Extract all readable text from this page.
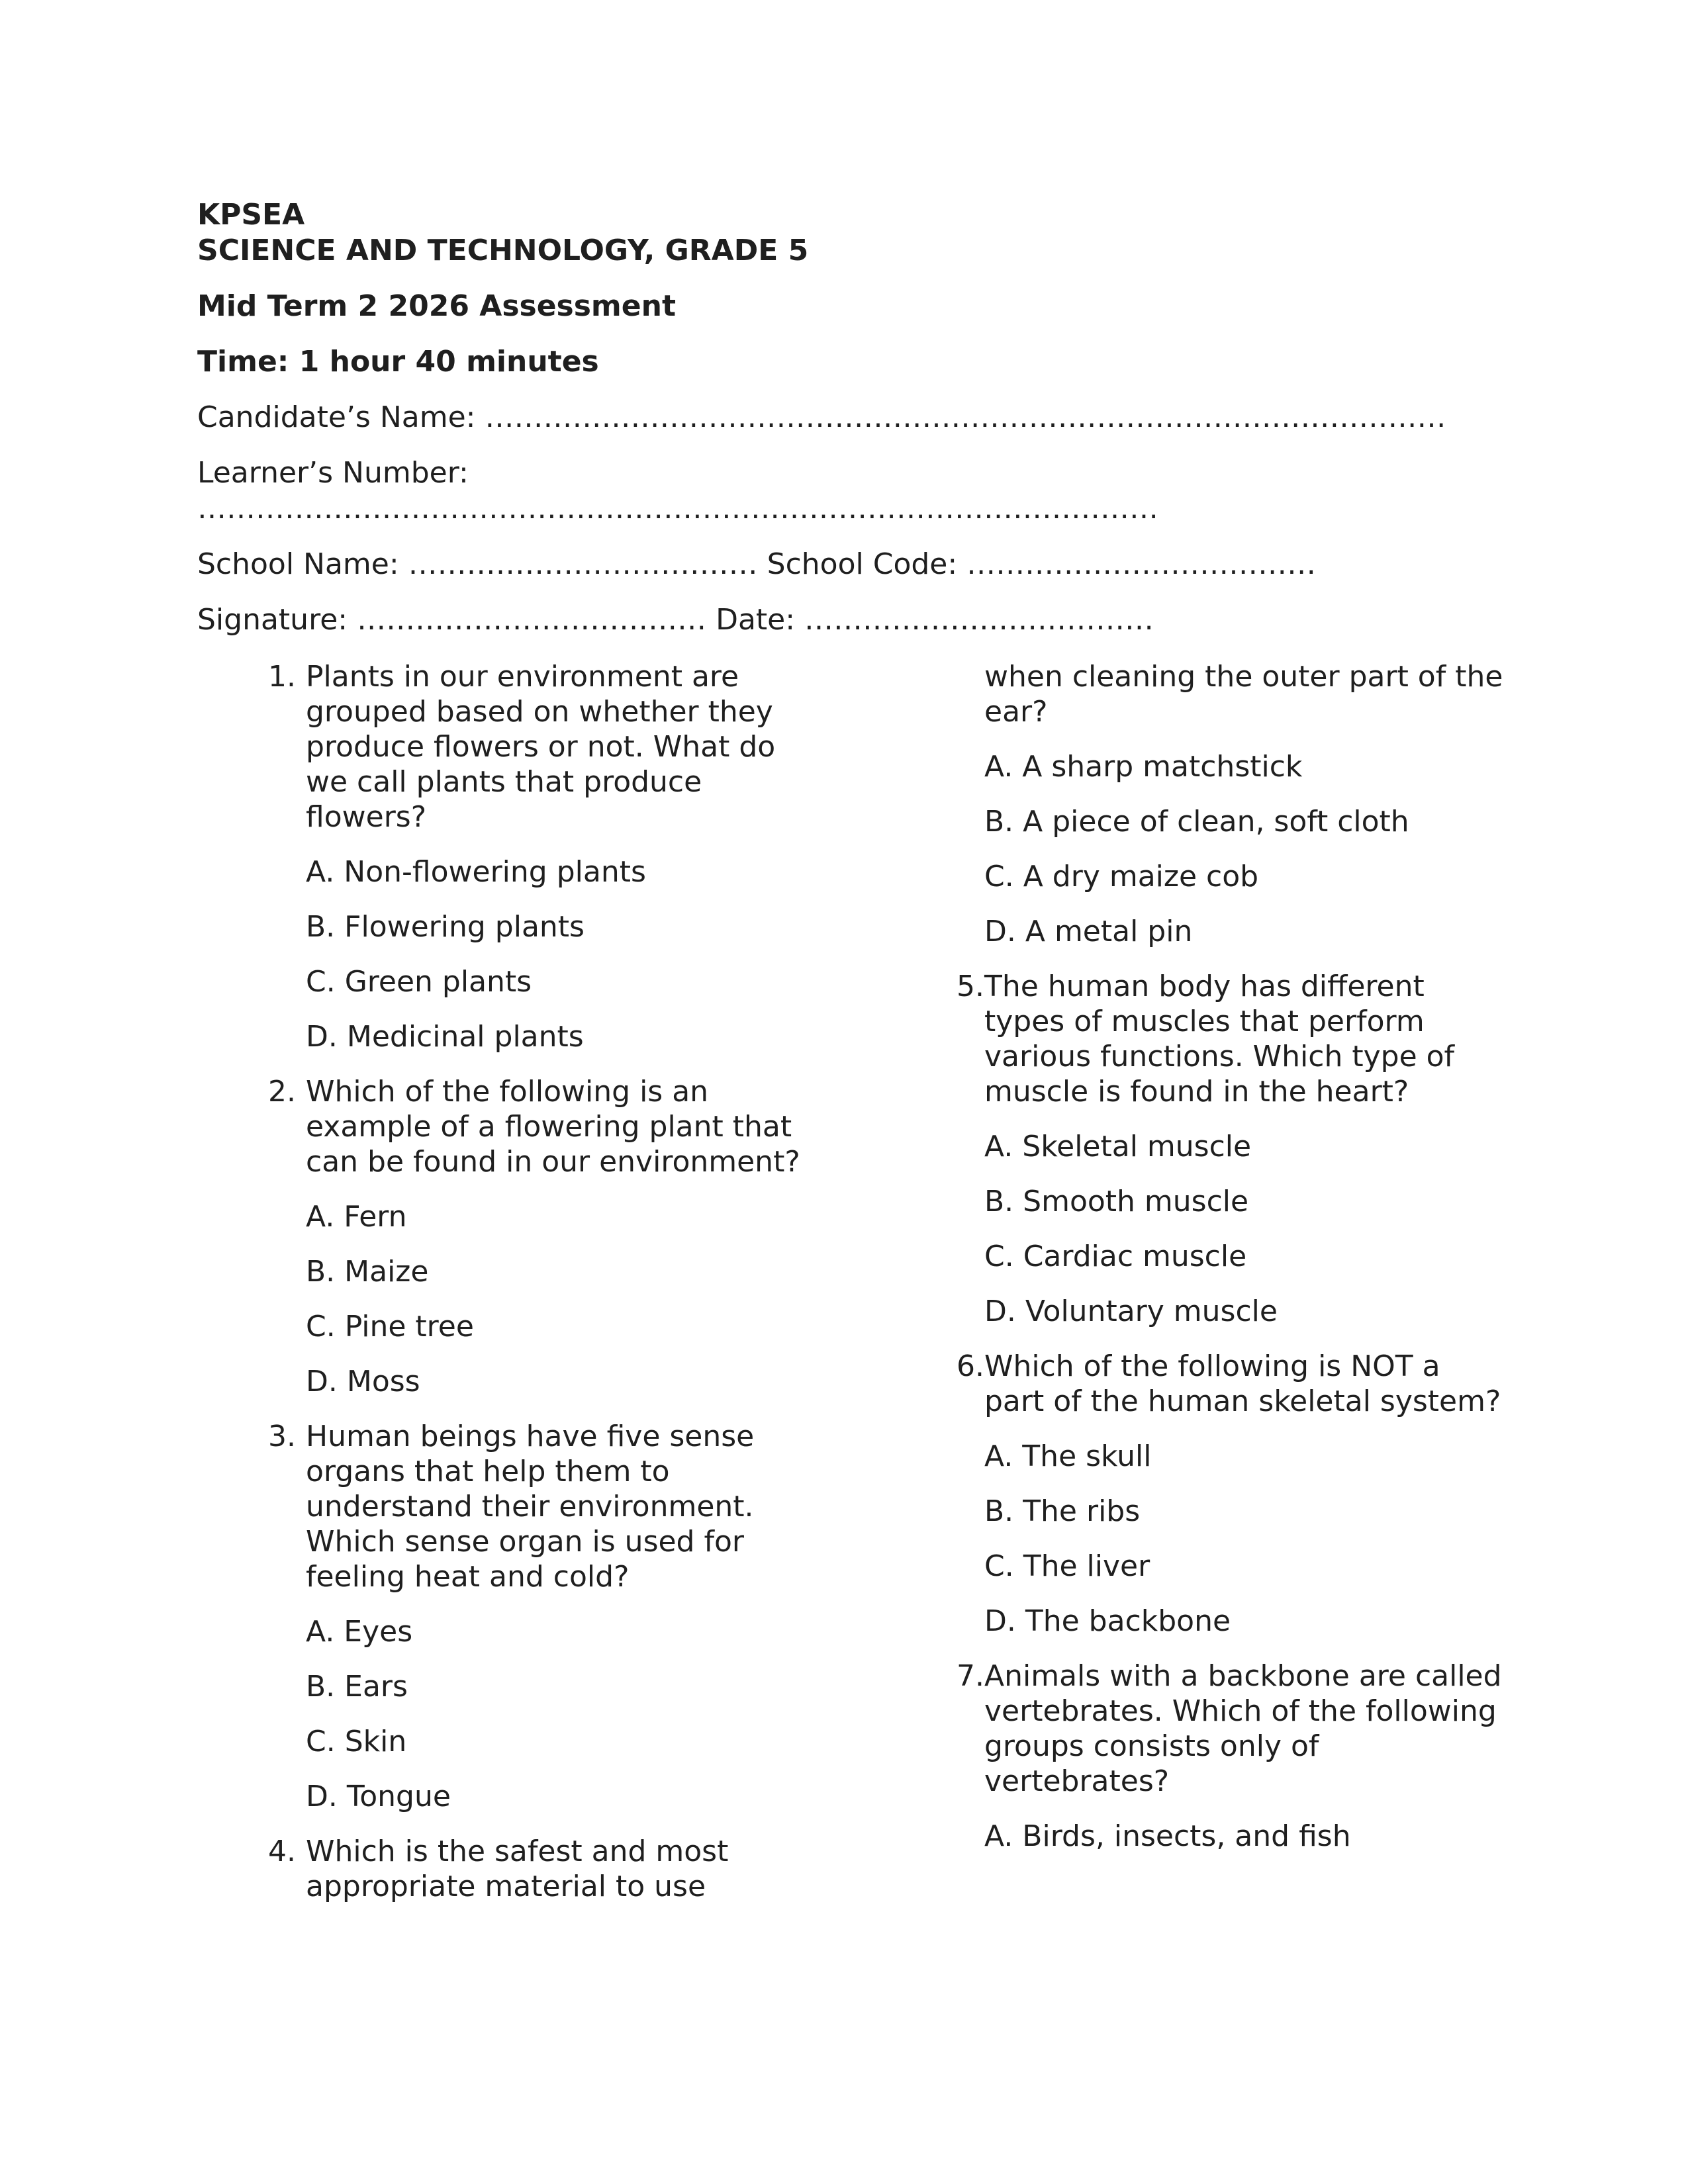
KPSEA

SCIENCE AND TECHNOLOGY, GRADE 5

Mid Term 2 2026 Assessment

Time: 1 hour 40 minutes

Candidate’s Name: ………………………………………………………………………………………

Learner’s Number:

………………………………………………………………………………………

School Name: ……………………………… School Code: ………………………………

Signature: ……………………………… Date: ………………………………

1. Plants in our environment are grouped based on whether they produce flowers or not. What do we call plants that produce flowers?

A. Non-flowering plants

B. Flowering plants

C. Green plants

D. Medicinal plants

2. Which of the following is an example of a flowering plant that can be found in our environment?

A. Fern

B. Maize

C. Pine tree

D. Moss

3. Human beings have five sense organs that help them to understand their environment. Which sense organ is used for feeling heat and cold?

A. Eyes

B. Ears

C. Skin

D. Tongue

4. Which is the safest and most appropriate material to use

when cleaning the outer part of the ear?

A. A sharp matchstick

B. A piece of clean, soft cloth

C. A dry maize cob

D. A metal pin

5. The human body has different types of muscles that perform various functions. Which type of muscle is found in the heart?

A. Skeletal muscle

B. Smooth muscle

C. Cardiac muscle

D. Voluntary muscle

6. Which of the following is NOT a part of the human skeletal system?

A. The skull

B. The ribs

C. The liver

D. The backbone

7. Animals with a backbone are called vertebrates. Which of the following groups consists only of vertebrates?

A. Birds, insects, and fish
